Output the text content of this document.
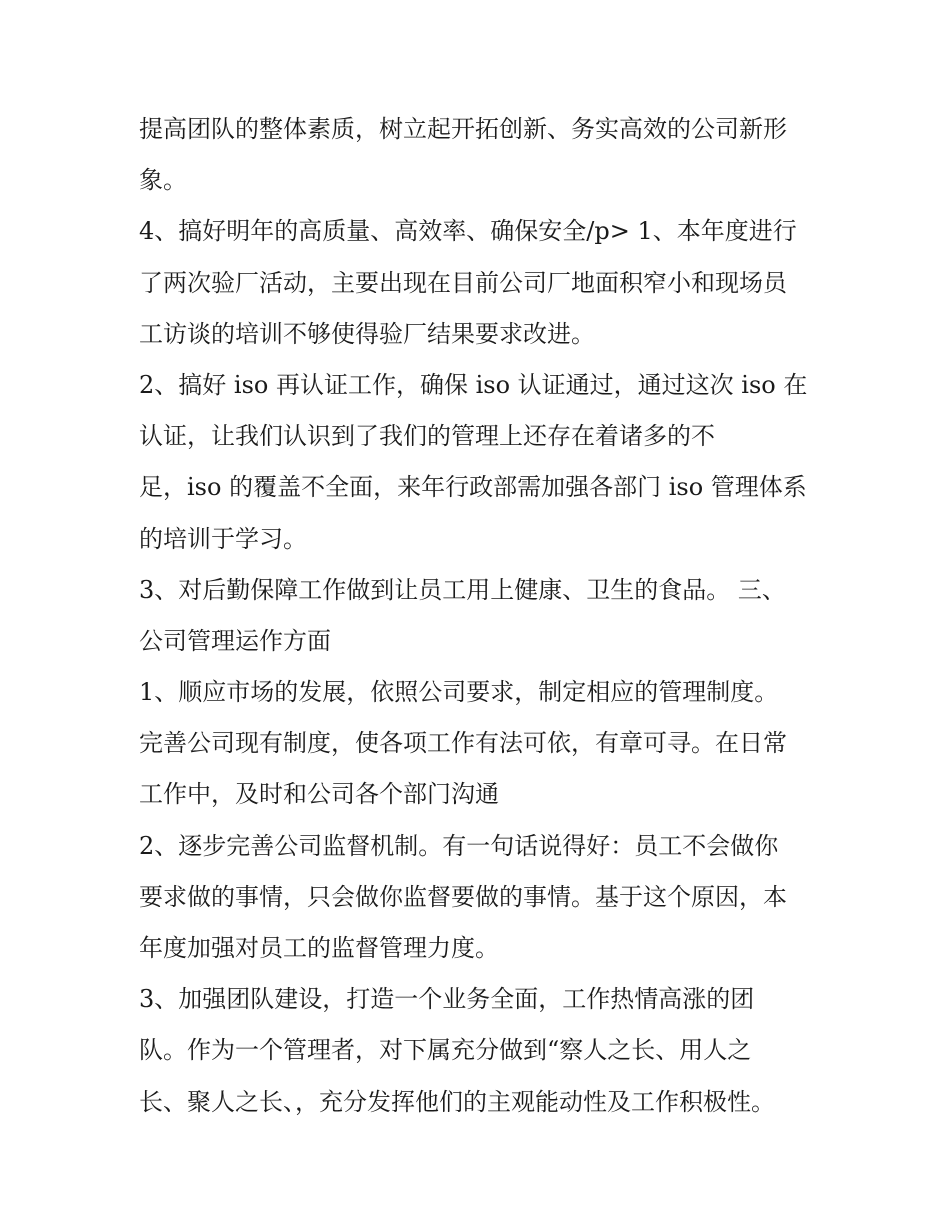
提高团队的整体素质，树立起开拓创新、务实高效的公司新形
象。
4、搞好明年的高质量、高效率、确保安全/p> 1、本年度进行
了两次验厂活动，主要出现在目前公司厂地面积窄小和现场员
工访谈的培训不够使得验厂结果要求改进。
2、搞好 iso 再认证工作，确保 iso 认证通过，通过这次 iso 在
认证，让我们认识到了我们的管理上还存在着诸多的不
足，iso 的覆盖不全面，来年行政部需加强各部门 iso 管理体系
的培训于学习。
3、对后勤保障工作做到让员工用上健康、卫生的食品。 三、
公司管理运作方面
1、顺应市场的发展，依照公司要求，制定相应的管理制度。
完善公司现有制度，使各项工作有法可依，有章可寻。在日常
工作中，及时和公司各个部门沟通
2、逐步完善公司监督机制。有一句话说得好：员工不会做你
要求做的事情，只会做你监督要做的事情。基于这个原因，本
年度加强对员工的监督管理力度。
3、加强团队建设，打造一个业务全面，工作热情高涨的团
队。作为一个管理者，对下属充分做到“察人之长、用人之
长、聚人之长、，充分发挥他们的主观能动性及工作积极性。
